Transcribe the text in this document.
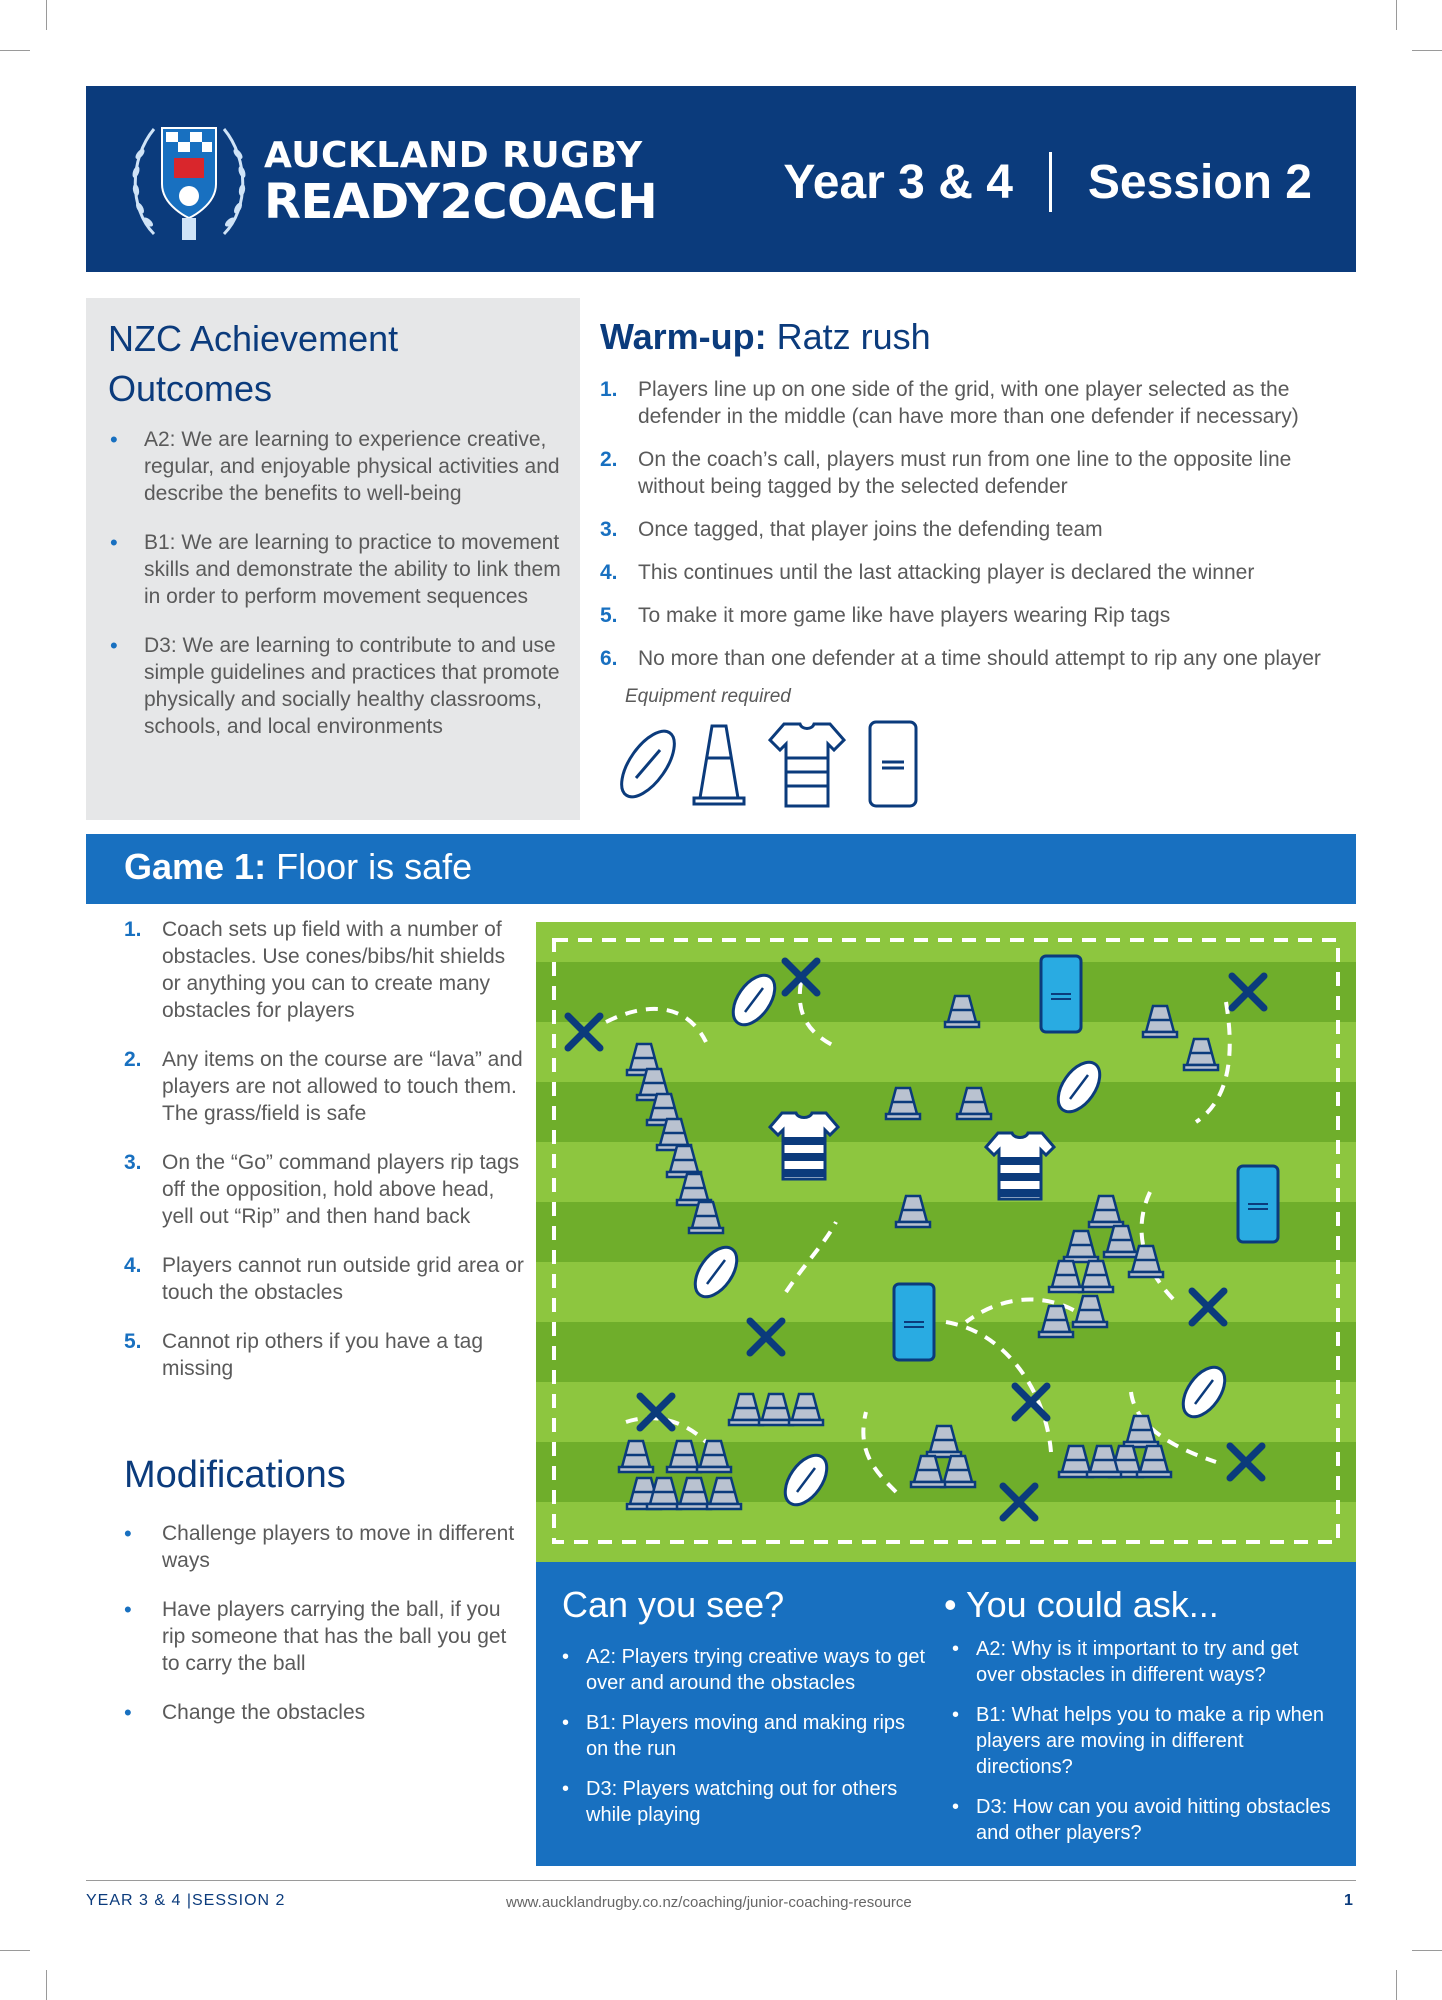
AUCKLAND RUGBY
READY2COACH	Year 3 & 4 Session 2
NZC Achievement Outcomes
• A2: We are learning to experience creative, regular, and enjoyable physical activities and describe the benefits to well-being
• B1: We are learning to practice to movement skills and demonstrate the ability to link them in order to perform movement sequences
• D3: We are learning to contribute to and use simple guidelines and practices that promote physically and socially healthy classrooms, schools, and local environments
Warm-up: Ratz rush
1. Players line up on one side of the grid, with one player selected as the defender in the middle (can have more than one defender if necessary)
2. On the coach’s call, players must run from one line to the opposite line without being tagged by the selected defender
3. Once tagged, that player joins the defending team
4. This continues until the last attacking player is declared the winner
5. To make it more game like have players wearing Rip tags
6. No more than one defender at a time should attempt to rip any one player
Equipment required
Game 1: Floor is safe
1. Coach sets up field with a number of obstacles. Use cones/bibs/hit shields or anything you can to create many obstacles for players
2. Any items on the course are “lava” and players are not allowed to touch them. The grass/field is safe
3. On the “Go” command players rip tags off the opposition, hold above head, yell out “Rip” and then hand back
4. Players cannot run outside grid area or touch the obstacles
5. Cannot rip others if you have a tag missing
Modifications
• Challenge players to move in different ways
• Have players carrying the ball, if you rip someone that has the ball you get to carry the ball
• Change the obstacles
Can you see?
• A2: Players trying creative ways to get over and around the obstacles
• B1: Players moving and making rips on the run
• D3: Players watching out for others while playing
• You could ask...
• A2: Why is it important to try and get over obstacles in different ways?
• B1: What helps you to make a rip when players are moving in different directions?
• D3: How can you avoid hitting obstacles and other players?
YEAR 3 & 4 |SESSION 2	www.aucklandrugby.co.nz/coaching/junior-coaching-resource	1
